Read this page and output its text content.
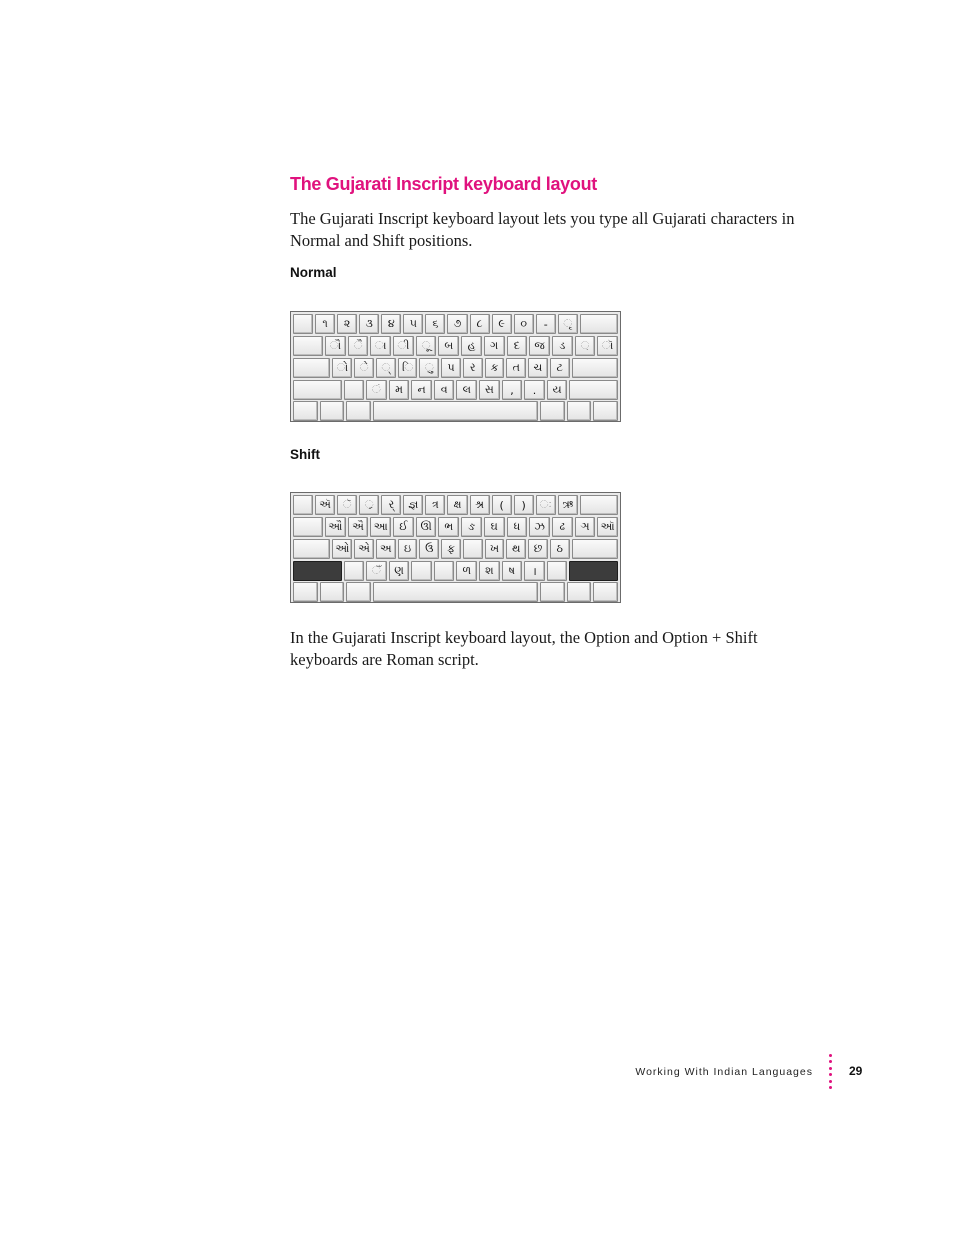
The Gujarati Inscript keyboard layout

The Gujarati Inscript keyboard layout lets you type all Gujarati characters in Normal and Shift positions.

Normal
૧	૨	૩	૪	૫	૬	૭	૮	૯	૦	-	ૃ
ૌ	ૈ	ા	ી	ૂ	બ	હ	ગ	દ	જ	ડ	઼	ૉ
ો	ે	્	િ	ુ	પ	ર	ક	ત	ચ	ટ
ં	મ	ન	વ	લ	સ	,	.	ય
Shift
ઍ	ૅ	્ર	ર્	જ્ઞ	ત્ર	ક્ષ	શ્ર	(	)	ઃ ઋ
ઔ ઐ આ	ઈ	ઊ	ભ	ઙ	ઘ	ધ	ઝ	ઢ	ઞ	ઑ
ઓ એ અ	ઇ	ઉ	ફ	ખ	થ	છ	ઠ
ઁ	ણ	ળ	શ	ષ	।

In the Gujarati Inscript keyboard layout, the Option and Option + Shift keyboards are Roman script.

Working With Indian Languages	29
